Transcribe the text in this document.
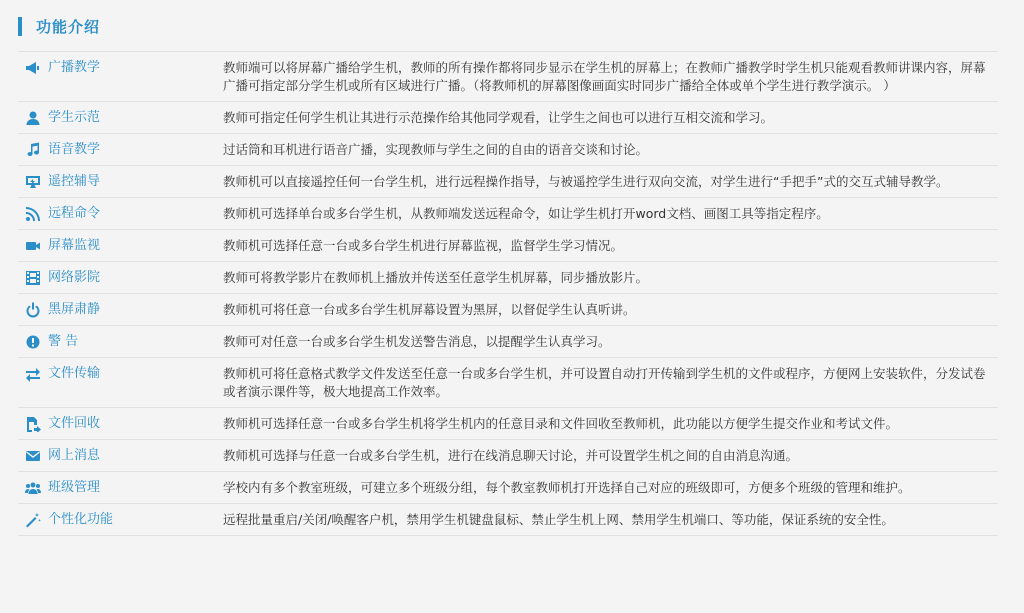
功能介绍
广播教学	教师端可以将屏幕广播给学生机，教师的所有操作都将同步显示在学生机的屏幕上；在教师广播教学时学生机只能观看教师讲课内容，屏幕广播可指定部分学生机或所有区域进行广播。（将教师机的屏幕图像画面实时同步广播给全体或单个学生进行教学演示。 ）
学生示范	教师可指定任何学生机让其进行示范操作给其他同学观看，让学生之间也可以进行互相交流和学习。
语音教学	过话筒和耳机进行语音广播，实现教师与学生之间的自由的语音交谈和讨论。
遥控辅导	教师机可以直接遥控任何一台学生机，进行远程操作指导，与被遥控学生进行双向交流，对学生进行“手把手”式的交互式辅导教学。
远程命令	教师机可选择单台或多台学生机，从教师端发送远程命令，如让学生机打开word文档、画图工具等指定程序。
屏幕监视	教师机可选择任意一台或多台学生机进行屏幕监视，监督学生学习情况。
网络影院	教师可将教学影片在教师机上播放并传送至任意学生机屏幕，同步播放影片。
黑屏肃静	教师机可将任意一台或多台学生机屏幕设置为黑屏，以督促学生认真听讲。
警 告	教师可对任意一台或多台学生机发送警告消息，以提醒学生认真学习。
文件传输	教师机可将任意格式教学文件发送至任意一台或多台学生机，并可设置自动打开传输到学生机的文件或程序，方便网上安装软件，分发试卷或者演示课件等，极大地提高工作效率。
文件回收	教师机可选择任意一台或多台学生机将学生机内的任意目录和文件回收至教师机，此功能以方便学生提交作业和考试文件。
网上消息	教师机可选择与任意一台或多台学生机，进行在线消息聊天讨论，并可设置学生机之间的自由消息沟通。
班级管理	学校内有多个教室班级，可建立多个班级分组，每个教室教师机打开选择自己对应的班级即可，方便多个班级的管理和维护。
个性化功能	远程批量重启/关闭/唤醒客户机，禁用学生机键盘鼠标、禁止学生机上网、禁用学生机端口、等功能，保证系统的安全性。
